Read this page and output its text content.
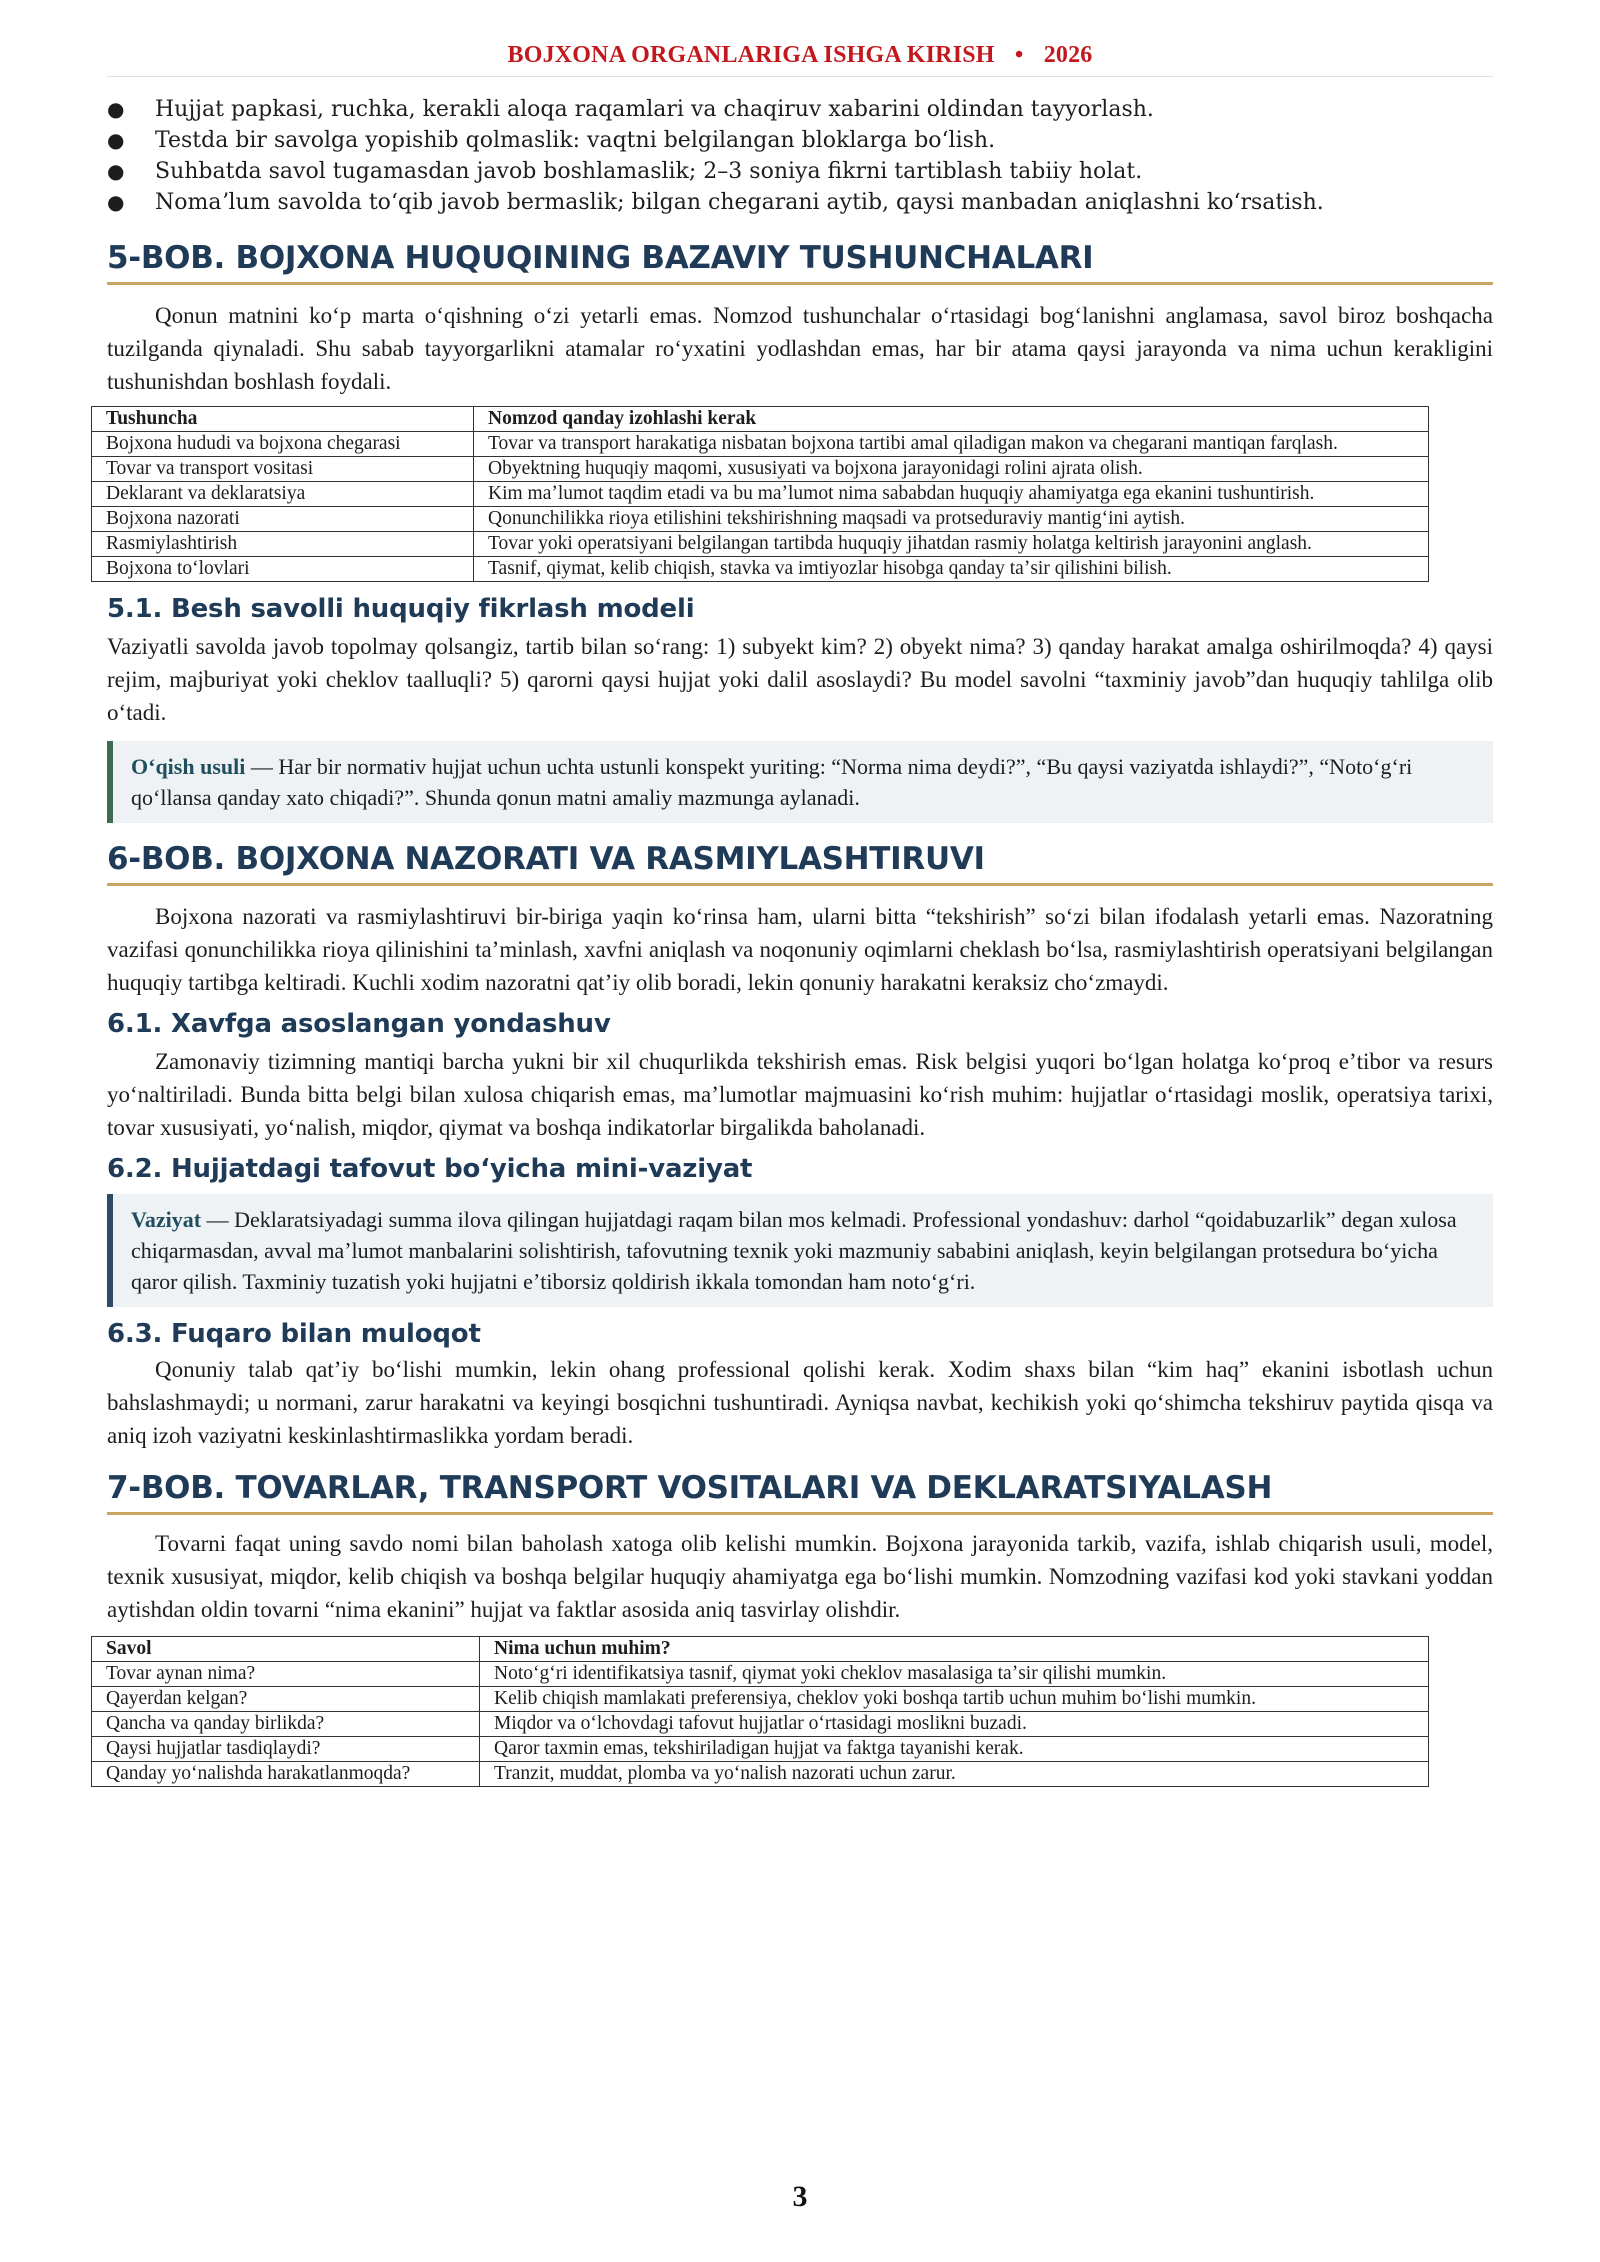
BOJXONA ORGANLARIGA ISHGA KIRISH • 2026
● Hujjat papkasi, ruchka, kerakli aloqa raqamlari va chaqiruv xabarini oldindan tayyorlash.
● Testda bir savolga yopishib qolmaslik: vaqtni belgilangan bloklarga boʻlish.
● Suhbatda savol tugamasdan javob boshlamaslik; 2–3 soniya fikrni tartiblash tabiiy holat.
● Nomaʼlum savolda toʻqib javob bermaslik; bilgan chegarani aytib, qaysi manbadan aniqlashni koʻrsatish.
5-BOB. BOJXONA HUQUQINING BAZAVIY TUSHUNCHALARI

Qonun matnini koʻp marta oʻqishning oʻzi yetarli emas. Nomzod tushunchalar oʻrtasidagi bogʻlanishni anglamasa, savol biroz boshqacha tuzilganda qiynaladi. Shu sabab tayyorgarlikni atamalar roʻyxatini yodlashdan emas, har bir atama qaysi jarayonda va nima uchun kerakligini tushunishdan boshlash foydali.

Tushuncha	Nomzod qanday izohlashi kerak
Bojxona hududi va bojxona chegarasi	Tovar va transport harakatiga nisbatan bojxona tartibi amal qiladigan makon va chegarani mantiqan farqlash.
Tovar va transport vositasi	Obyektning huquqiy maqomi, xususiyati va bojxona jarayonidagi rolini ajrata olish.
Deklarant va deklaratsiya	Kim maʼlumot taqdim etadi va bu maʼlumot nima sababdan huquqiy ahamiyatga ega ekanini tushuntirish.
Bojxona nazorati	Qonunchilikka rioya etilishini tekshirishning maqsadi va protseduraviy mantigʻini aytish.
Rasmiylashtirish	Tovar yoki operatsiyani belgilangan tartibda huquqiy jihatdan rasmiy holatga keltirish jarayonini anglash.
Bojxona toʻlovlari	Tasnif, qiymat, kelib chiqish, stavka va imtiyozlar hisobga qanday taʼsir qilishini bilish.
5.1. Besh savolli huquqiy fikrlash modeli

Vaziyatli savolda javob topolmay qolsangiz, tartib bilan soʻrang: 1) subyekt kim? 2) obyekt nima? 3) qanday harakat amalga oshirilmoqda? 4) qaysi rejim, majburiyat yoki cheklov taalluqli? 5) qarorni qaysi hujjat yoki dalil asoslaydi? Bu model savolni “taxminiy javob”dan huquqiy tahlilga olib oʻtadi.

Oʻqish usuli — Har bir normativ hujjat uchun uchta ustunli konspekt yuriting: “Norma nima deydi?”, “Bu qaysi vaziyatda ishlaydi?”, “Notoʻgʻri qoʻllansa qanday xato chiqadi?”. Shunda qonun matni amaliy mazmunga aylanadi.
6-BOB. BOJXONA NAZORATI VA RASMIYLASHTIRUVI

Bojxona nazorati va rasmiylashtiruvi bir-biriga yaqin koʻrinsa ham, ularni bitta “tekshirish” soʻzi bilan ifodalash yetarli emas. Nazoratning vazifasi qonunchilikka rioya qilinishini taʼminlash, xavfni aniqlash va noqonuniy oqimlarni cheklash boʻlsa, rasmiylashtirish operatsiyani belgilangan huquqiy tartibga keltiradi. Kuchli xodim nazoratni qatʼiy olib boradi, lekin qonuniy harakatni keraksiz choʻzmaydi.

6.1. Xavfga asoslangan yondashuv

Zamonaviy tizimning mantiqi barcha yukni bir xil chuqurlikda tekshirish emas. Risk belgisi yuqori boʻlgan holatga koʻproq eʼtibor va resurs yoʻnaltiriladi. Bunda bitta belgi bilan xulosa chiqarish emas, maʼlumotlar majmuasini koʻrish muhim: hujjatlar oʻrtasidagi moslik, operatsiya tarixi, tovar xususiyati, yoʻnalish, miqdor, qiymat va boshqa indikatorlar birgalikda baholanadi.

6.2. Hujjatdagi tafovut boʻyicha mini-vaziyat
Vaziyat — Deklaratsiyadagi summa ilova qilingan hujjatdagi raqam bilan mos kelmadi. Professional yondashuv: darhol “qoidabuzarlik” degan xulosa chiqarmasdan, avval maʼlumot manbalarini solishtirish, tafovutning texnik yoki mazmuniy sababini aniqlash, keyin belgilangan protsedura boʻyicha qaror qilish. Taxminiy tuzatish yoki hujjatni eʼtiborsiz qoldirish ikkala tomondan ham notoʻgʻri.
6.3. Fuqaro bilan muloqot

Qonuniy talab qatʼiy boʻlishi mumkin, lekin ohang professional qolishi kerak. Xodim shaxs bilan “kim haq” ekanini isbotlash uchun bahslashmaydi; u normani, zarur harakatni va keyingi bosqichni tushuntiradi. Ayniqsa navbat, kechikish yoki qoʻshimcha tekshiruv paytida qisqa va aniq izoh vaziyatni keskinlashtirmaslikka yordam beradi.

7-BOB. TOVARLAR, TRANSPORT VOSITALARI VA DEKLARATSIYALASH

Tovarni faqat uning savdo nomi bilan baholash xatoga olib kelishi mumkin. Bojxona jarayonida tarkib, vazifa, ishlab chiqarish usuli, model, texnik xususiyat, miqdor, kelib chiqish va boshqa belgilar huquqiy ahamiyatga ega boʻlishi mumkin. Nomzodning vazifasi kod yoki stavkani yoddan aytishdan oldin tovarni “nima ekanini” hujjat va faktlar asosida aniq tasvirlay olishdir.

Savol	Nima uchun muhim?
Tovar aynan nima?	Notoʻgʻri identifikatsiya tasnif, qiymat yoki cheklov masalasiga taʼsir qilishi mumkin.
Qayerdan kelgan?	Kelib chiqish mamlakati preferensiya, cheklov yoki boshqa tartib uchun muhim boʻlishi mumkin.
Qancha va qanday birlikda?	Miqdor va oʻlchovdagi tafovut hujjatlar oʻrtasidagi moslikni buzadi.
Qaysi hujjatlar tasdiqlaydi?	Qaror taxmin emas, tekshiriladigan hujjat va faktga tayanishi kerak.
Qanday yoʻnalishda harakatlanmoqda?	Tranzit, muddat, plomba va yoʻnalish nazorati uchun zarur.
3
